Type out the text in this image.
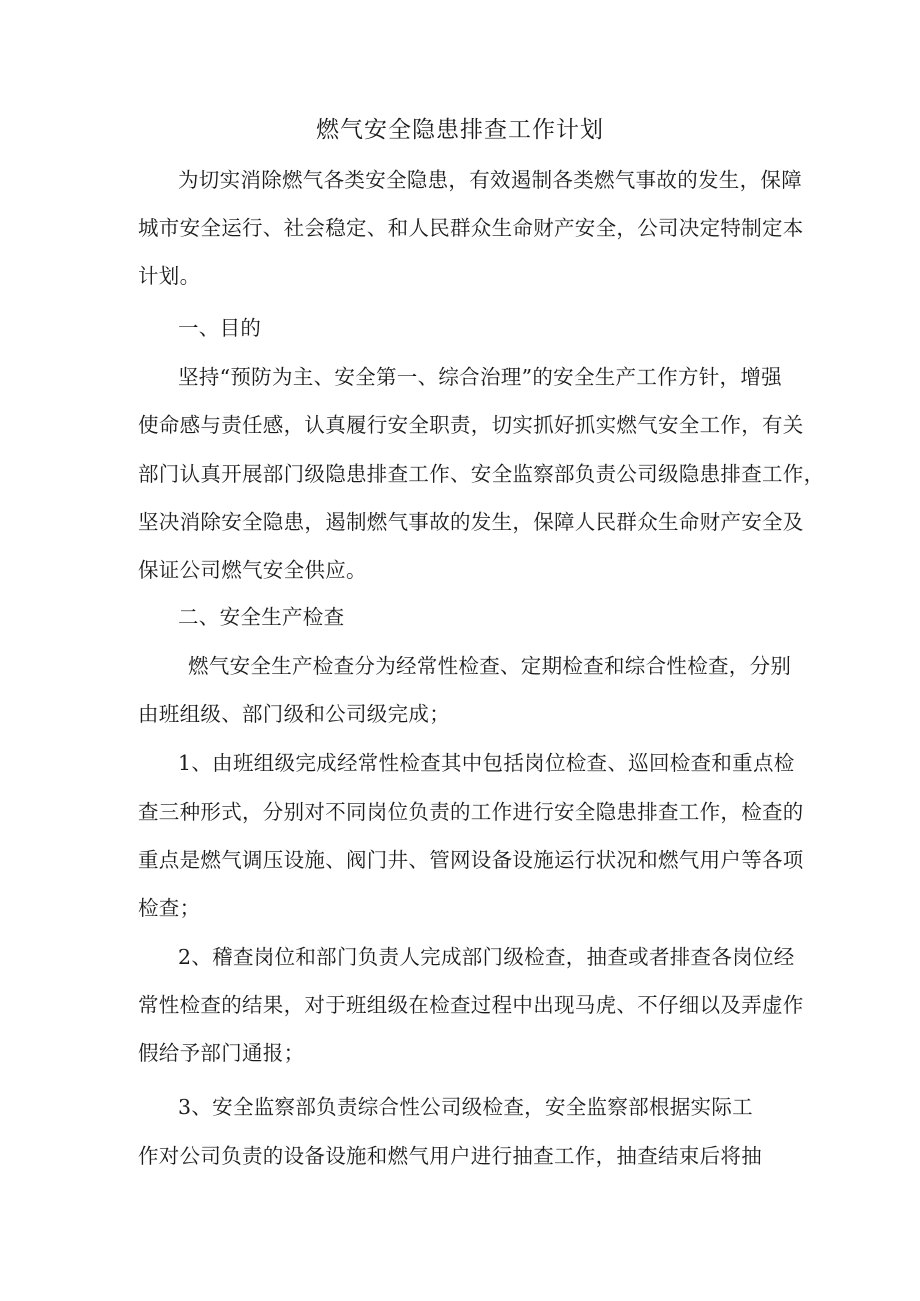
燃气安全隐患排查工作计划
为切实消除燃气各类安全隐患，有效遏制各类燃气事故的发生，保障
城市安全运行、社会稳定、和人民群众生命财产安全，公司决定特制定本
计划。
一、目的
坚持“预防为主、安全第一、综合治理”的安全生产工作方针，增强
使命感与责任感，认真履行安全职责，切实抓好抓实燃气安全工作，有关
部门认真开展部门级隐患排查工作、安全监察部负责公司级隐患排查工作，
坚决消除安全隐患，遏制燃气事故的发生，保障人民群众生命财产安全及
保证公司燃气安全供应。
二、安全生产检查
燃气安全生产检查分为经常性检查、定期检查和综合性检查，分别
由班组级、部门级和公司级完成；
1、由班组级完成经常性检查其中包括岗位检查、巡回检查和重点检
查三种形式，分别对不同岗位负责的工作进行安全隐患排查工作，检查的
重点是燃气调压设施、阀门井、管网设备设施运行状况和燃气用户等各项
检查；
2、稽查岗位和部门负责人完成部门级检查，抽查或者排查各岗位经
常性检查的结果，对于班组级在检查过程中出现马虎、不仔细以及弄虚作
假给予部门通报；
3、安全监察部负责综合性公司级检查，安全监察部根据实际工
作对公司负责的设备设施和燃气用户进行抽查工作，抽查结束后将抽
